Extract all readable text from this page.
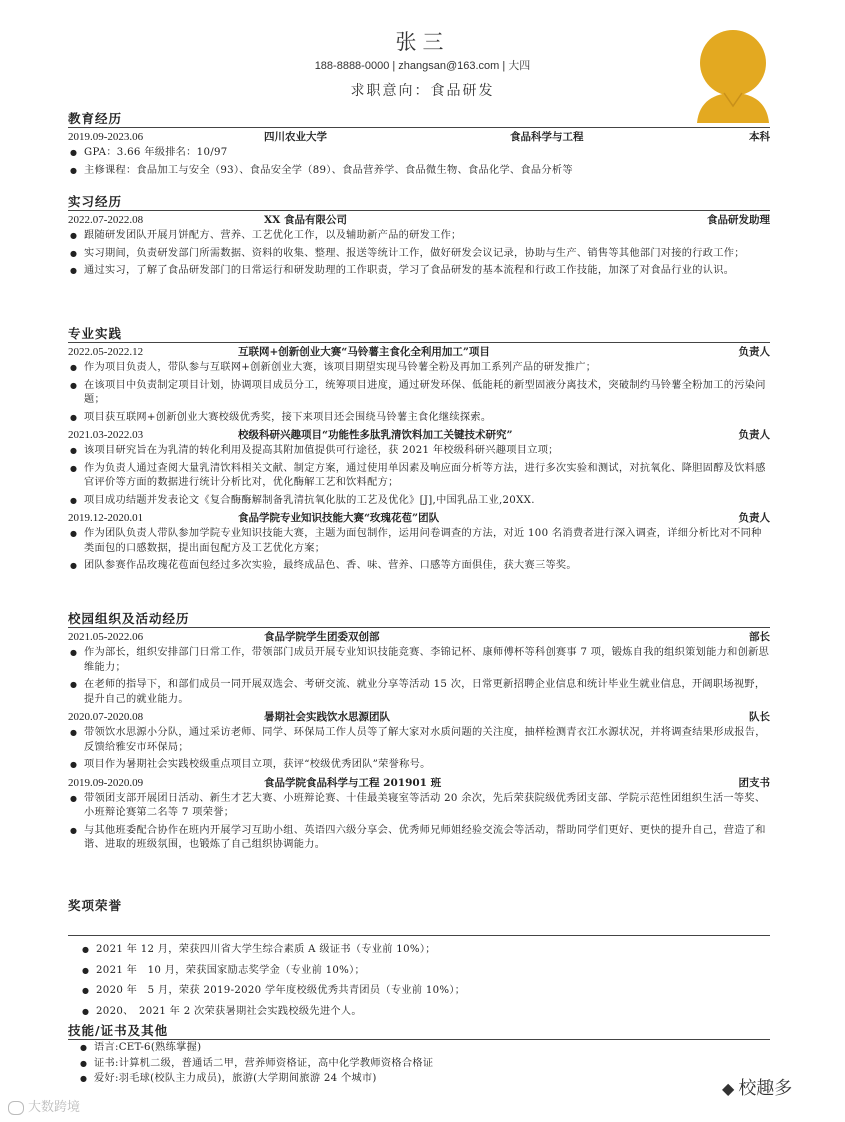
张三
188-8888-0000 | zhangsan@163.com | 大四
求职意向：食品研发
教育经历
2019.09-2023.06	四川农业大学	食品科学与工程	本科
● GPA：3.66 年级排名：10/97
● 主修课程：食品加工与安全（93）、食品安全学（89）、食品营养学、食品微生物、食品化学、食品分析等
实习经历
2022.07-2022.08	XX 食品有限公司	食品研发助理
● 跟随研发团队开展月饼配方、营养、工艺优化工作，以及辅助新产品的研发工作；
● 实习期间，负责研发部门所需数据、资料的收集、整理、报送等统计工作，做好研发会议记录，协助与生产、销售等其他部门对接的行政工作；
● 通过实习，了解了食品研发部门的日常运行和研发助理的工作职责，学习了食品研发的基本流程和行政工作技能，加深了对食品行业的认识。
专业实践
2022.05-2022.12	互联网+创新创业大赛“马铃薯主食化全利用加工”项目	负责人
● 作为项目负责人，带队参与互联网+创新创业大赛，该项目期望实现马铃薯全粉及再加工系列产品的研发推广；
● 在该项目中负责制定项目计划，协调项目成员分工，统筹项目进度，通过研发环保、低能耗的新型固液分离技术，突破制约马铃薯全粉加工的污染问题；
● 项目获互联网+创新创业大赛校级优秀奖，接下来项目还会围绕马铃薯主食化继续探索。
2021.03-2022.03	校级科研兴趣项目“功能性多肽乳清饮料加工关键技术研究”	负责人
● 该项目研究旨在为乳清的转化利用及提高其附加值提供可行途径，获 2021 年校级科研兴趣项目立项；
● 作为负责人通过查阅大量乳清饮料相关文献、制定方案，通过使用单因素及响应面分析等方法，进行多次实验和测试，对抗氧化、降胆固醇及饮料感官评价等方面的数据进行统计分析比对，优化酶解工艺和饮料配方；
● 项目成功结题并发表论文《复合酶酶解制备乳清抗氧化肽的工艺及优化》[J],中国乳品工业,20XX.
2019.12-2020.01	食品学院专业知识技能大赛“玫瑰花苞”团队	负责人
● 作为团队负责人带队参加学院专业知识技能大赛，主题为面包制作，运用问卷调查的方法，对近 100 名消费者进行深入调查，详细分析比对不同种类面包的口感数据，提出面包配方及工艺优化方案；
● 团队参赛作品玫瑰花苞面包经过多次实验，最终成品色、香、味、营养、口感等方面俱佳，获大赛三等奖。
校园组织及活动经历
2021.05-2022.06	食品学院学生团委双创部	部长
● 作为部长，组织安排部门日常工作，带领部门成员开展专业知识技能竞赛、李锦记杯、康师傅杯等科创赛事 7 项，锻炼自我的组织策划能力和创新思维能力；
● 在老师的指导下，和部们成员一同开展双选会、考研交流、就业分享等活动 15 次，日常更新招聘企业信息和统计毕业生就业信息，开阔职场视野，提升自己的就业能力。
2020.07-2020.08	暑期社会实践饮水思源团队	队长
● 带领饮水思源小分队，通过采访老师、同学、环保局工作人员等了解大家对水质问题的关注度，抽样检测青衣江水源状况，并将调查结果形成报告，反馈给雅安市环保局；
● 项目作为暑期社会实践校级重点项目立项，获评“校级优秀团队”荣誉称号。
2019.09-2020.09	食品学院食品科学与工程 201901 班	团支书
● 带领团支部开展团日活动、新生才艺大赛、小班辩论赛、十佳最美寝室等活动 20 余次，先后荣获院级优秀团支部、学院示范性团组织生活一等奖、小班辩论赛第二名等 7 项荣誉；
● 与其他班委配合协作在班内开展学习互助小组、英语四六级分享会、优秀师兄师姐经验交流会等活动，帮助同学们更好、更快的提升自己，营造了和谐、进取的班级氛围，也锻炼了自己组织协调能力。
奖项荣誉
● 2021 年 12 月，荣获四川省大学生综合素质 A 级证书（专业前 10%）；
● 2021 年　10 月，荣获国家励志奖学金（专业前 10%）；
● 2020 年　5 月，荣获 2019-2020 学年度校级优秀共青团员（专业前 10%）；
● 2020、　2021 年 2 次荣获暑期社会实践校级先进个人。
技能/证书及其他
● 语言:CET-6(熟练掌握)
● 证书:计算机二级，普通话二甲，营养师资格证，高中化学教师资格合格证
● 爱好:羽毛球(校队主力成员)，旅游(大学期间旅游 24 个城市)
大数跨境
◆ 校趣多
